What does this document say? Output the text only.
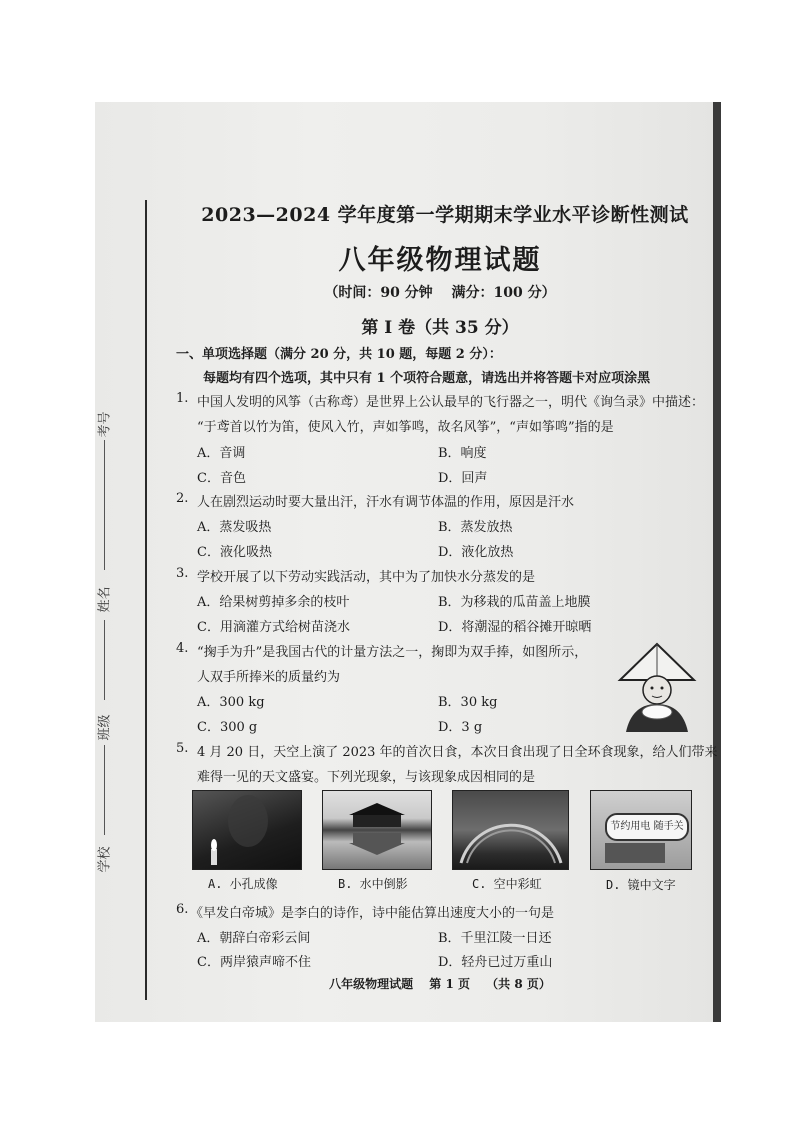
学校
班级
姓名
考号
2023—2024 学年度第一学期期末学业水平诊断性测试
八年级物理试题
（时间：90 分钟　 满分：100 分）
第 I 卷（共 35 分）
一、单项选择题（满分 20 分，共 10 题，每题 2 分）：
每题均有四个选项，其中只有 1 个项符合题意，请选出并将答题卡对应项涂黑
1. 中国人发明的风筝（古称鸢）是世界上公认最早的飞行器之一，明代《询刍录》中描述：
“于鸢首以竹为笛，使风入竹，声如筝鸣，故名风筝”，“声如筝鸣”指的是
A．音调	B．响度
C．音色	D．回声
2. 人在剧烈运动时要大量出汗，汗水有调节体温的作用，原因是汗水
A．蒸发吸热	B．蒸发放热
C．液化吸热	D．液化放热
3. 学校开展了以下劳动实践活动，其中为了加快水分蒸发的是
A．给果树剪掉多余的枝叶	B．为移栽的瓜苗盖上地膜
C．用滴灌方式给树苗浇水	D．将潮湿的稻谷摊开晾晒
4. “掬手为升”是我国古代的计量方法之一，掬即为双手捧，如图所示，
人双手所捧米的质量约为
A．300 kg	B．30 kg
C．300 g	D．3 g
5. 4 月 20 日，天空上演了 2023 年的首次日食，本次日食出现了日全环食现象，给人们带来
难得一见的天文盛宴。下列光现象，与该现象成因相同的是
节约用电 随手关
A. 小孔成像	B. 水中倒影	C. 空中彩虹	D. 镜中文字
6. 《早发白帝城》是李白的诗作，诗中能估算出速度大小的一句是
A．朝辞白帝彩云间	B．千里江陵一日还
C．两岸猿声啼不住	D．轻舟已过万重山
八年级物理试题　 第 1 页　 （共 8 页）
